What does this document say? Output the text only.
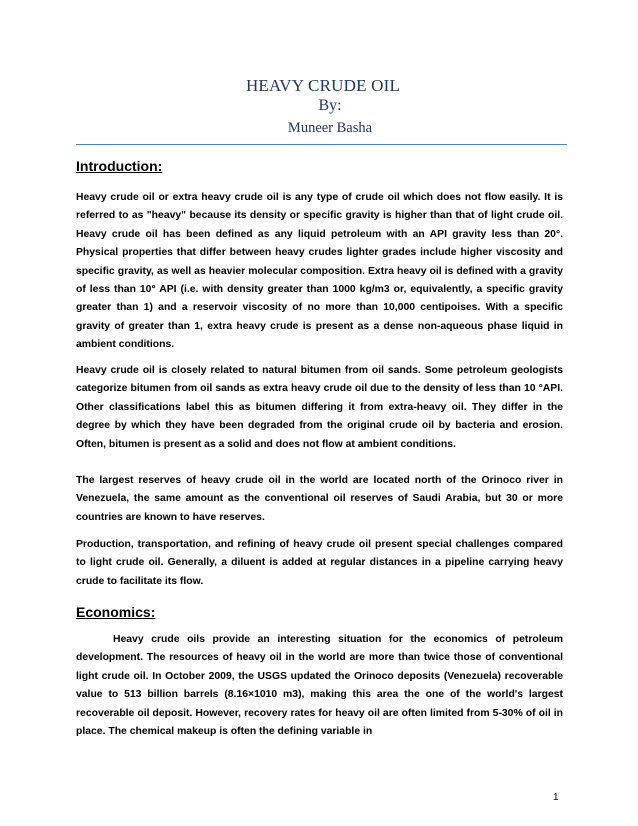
HEAVY CRUDE OIL
By:
Muneer Basha
Introduction:

Heavy crude oil or extra heavy crude oil is any type of crude oil which does not flow easily. It is referred to as "heavy" because its density or specific gravity is higher than that of light crude oil. Heavy crude oil has been defined as any liquid petroleum with an API gravity less than 20°. Physical properties that differ between heavy crudes lighter grades include higher viscosity and specific gravity, as well as heavier molecular composition. Extra heavy oil is defined with a gravity of less than 10° API (i.e. with density greater than 1000 kg/m3 or, equivalently, a specific gravity greater than 1) and a reservoir viscosity of no more than 10,000 centipoises. With a specific gravity of greater than 1, extra heavy crude is present as a dense non-aqueous phase liquid in ambient conditions.

Heavy crude oil is closely related to natural bitumen from oil sands. Some petroleum geologists categorize bitumen from oil sands as extra heavy crude oil due to the density of less than 10 °API. Other classifications label this as bitumen differing it from extra-heavy oil. They differ in the degree by which they have been degraded from the original crude oil by bacteria and erosion. Often, bitumen is present as a solid and does not flow at ambient conditions.

The largest reserves of heavy crude oil in the world are located north of the Orinoco river in Venezuela, the same amount as the conventional oil reserves of Saudi Arabia, but 30 or more countries are known to have reserves.

Production, transportation, and refining of heavy crude oil present special challenges compared to light crude oil. Generally, a diluent is added at regular distances in a pipeline carrying heavy crude to facilitate its flow.

Economics:

Heavy crude oils provide an interesting situation for the economics of petroleum development. The resources of heavy oil in the world are more than twice those of conventional light crude oil. In October 2009, the USGS updated the Orinoco deposits (Venezuela) recoverable value to 513 billion barrels (8.16×1010 m3), making this area the one of the world's largest recoverable oil deposit. However, recovery rates for heavy oil are often limited from 5-30% of oil in place. The chemical makeup is often the defining variable in

1
